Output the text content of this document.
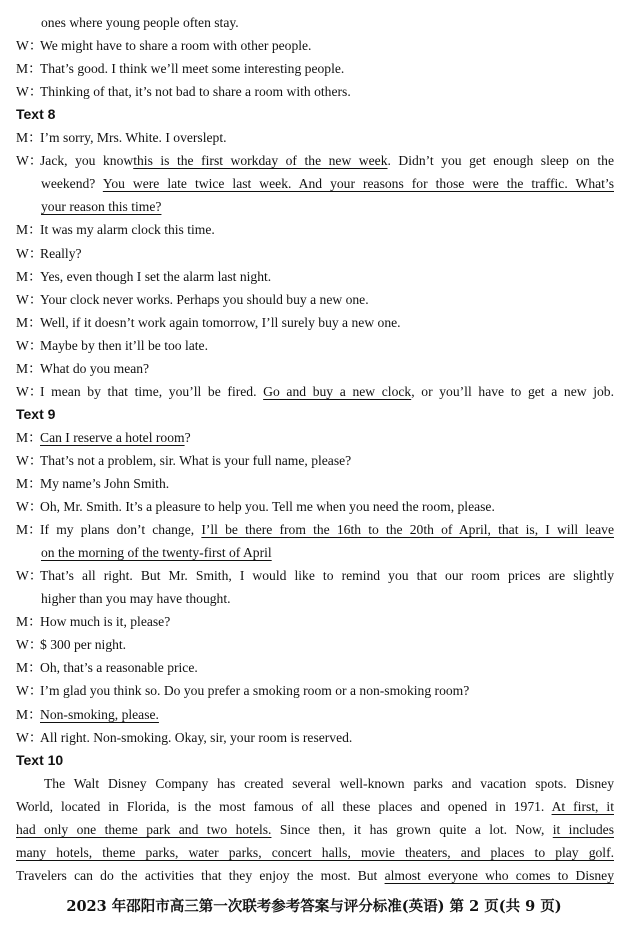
ones where young people often stay.
W：We might have to share a room with other people.
M：That’s good. I think we’ll meet some interesting people.
W：Thinking of that, it’s not bad to share a room with others.
Text 8
M：I’m sorry, Mrs. White. I overslept.
W：Jack, you knowthis is the first workday of the new week. Didn’t you get enough sleep on the
weekend? You were late twice last week. And your reasons for those were the traffic. What’s
your reason this time?
M：It was my alarm clock this time.
W：Really?
M：Yes, even though I set the alarm last night.
W：Your clock never works. Perhaps you should buy a new one.
M：Well, if it doesn’t work again tomorrow, I’ll surely buy a new one.
W：Maybe by then it’ll be too late.
M：What do you mean?
W：I mean by that time, you’ll be fired. Go and buy a new clock, or you’ll have to get a new job.
Text 9
M：Can I reserve a hotel room?
W：That’s not a problem, sir. What is your full name, please?
M：My name’s John Smith.
W：Oh, Mr. Smith. It’s a pleasure to help you. Tell me when you need the room, please.
M：If my plans don’t change, I’ll be there from the 16th to the 20th of April, that is, I will leave
on the morning of the twenty-first of April
W：That’s all right. But Mr. Smith, I would like to remind you that our room prices are slightly
higher than you may have thought.
M：How much is it, please?
W：$ 300 per night.
M：Oh, that’s a reasonable price.
W：I’m glad you think so. Do you prefer a smoking room or a non-smoking room?
M：Non-smoking, please.
W：All right. Non-smoking. Okay, sir, your room is reserved.
Text 10
The Walt Disney Company has created several well-known parks and vacation spots. Disney
World, located in Florida, is the most famous of all these places and opened in 1971. At first, it
had only one theme park and two hotels. Since then, it has grown quite a lot. Now, it includes
many hotels, theme parks, water parks, concert halls, movie theaters, and places to play golf.
Travelers can do the activities that they enjoy the most. But almost everyone who comes to Disney
2023 年邵阳市高三第一次联考参考答案与评分标准(英语) 第 2 页(共 9 页)
